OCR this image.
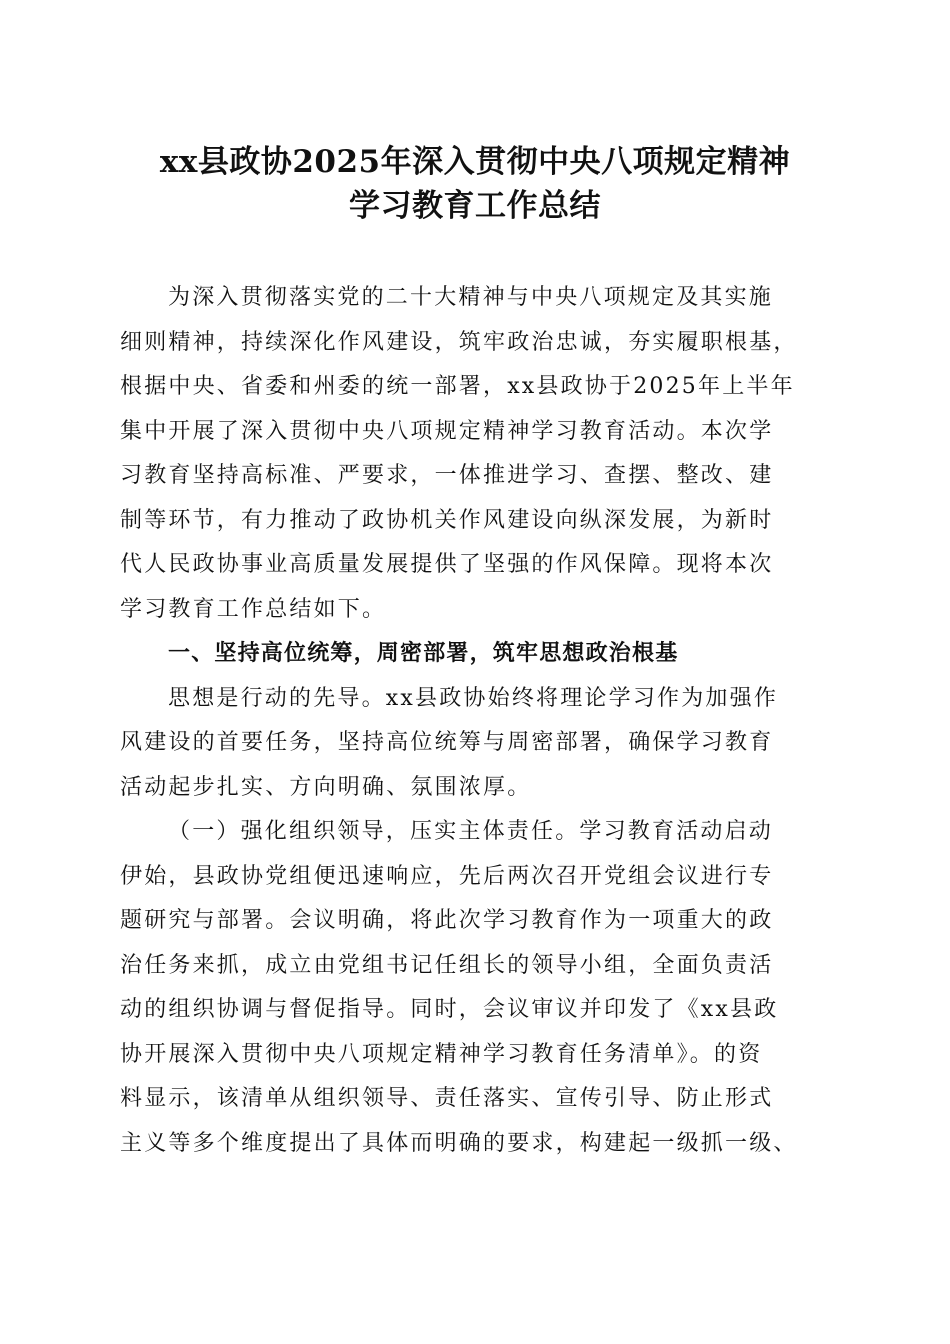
xx县政协2025年深入贯彻中央八项规定精神
学习教育工作总结
为深入贯彻落实党的二十大精神与中央八项规定及其实施
细则精神，持续深化作风建设，筑牢政治忠诚，夯实履职根基，
根据中央、省委和州委的统一部署，xx县政协于2025年上半年
集中开展了深入贯彻中央八项规定精神学习教育活动。本次学
习教育坚持高标准、严要求，一体推进学习、查摆、整改、建
制等环节，有力推动了政协机关作风建设向纵深发展，为新时
代人民政协事业高质量发展提供了坚强的作风保障。现将本次
学习教育工作总结如下。
一、坚持高位统筹，周密部署，筑牢思想政治根基
思想是行动的先导。xx县政协始终将理论学习作为加强作
风建设的首要任务，坚持高位统筹与周密部署，确保学习教育
活动起步扎实、方向明确、氛围浓厚。
（一）强化组织领导，压实主体责任。学习教育活动启动
伊始，县政协党组便迅速响应，先后两次召开党组会议进行专
题研究与部署。会议明确，将此次学习教育作为一项重大的政
治任务来抓，成立由党组书记任组长的领导小组，全面负责活
动的组织协调与督促指导。同时，会议审议并印发了《xx县政
协开展深入贯彻中央八项规定精神学习教育任务清单》。的资
料显示，该清单从组织领导、责任落实、宣传引导、防止形式
主义等多个维度提出了具体而明确的要求，构建起一级抓一级、
